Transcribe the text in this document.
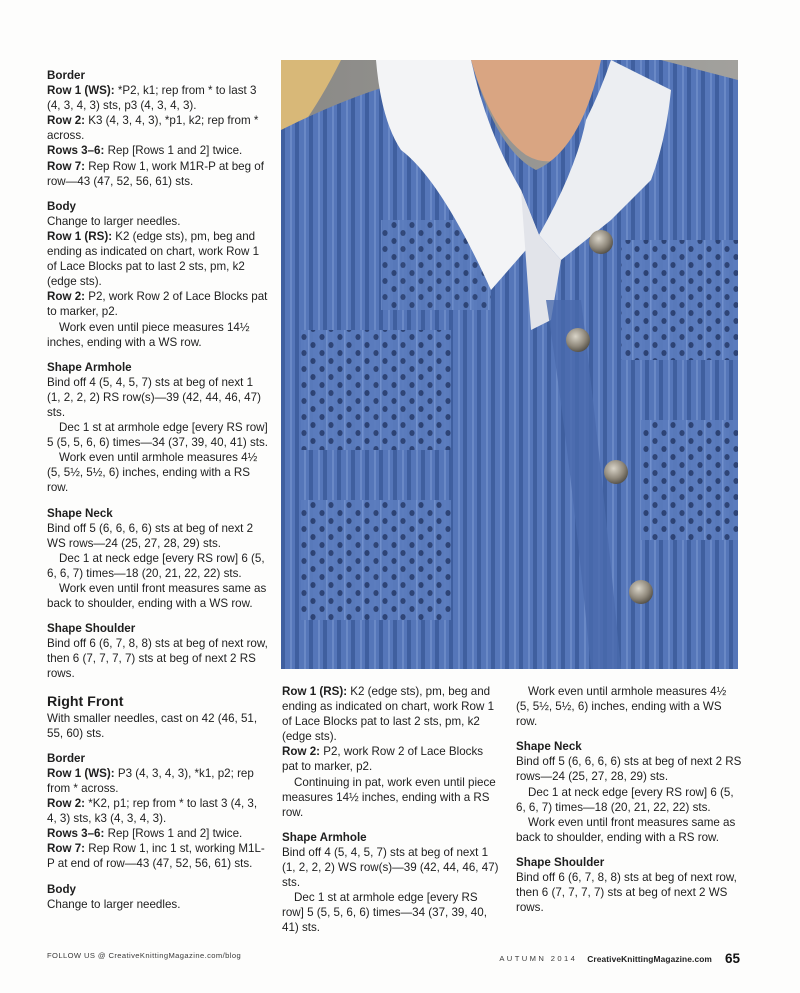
Border

Row 1 (WS): *P2, k1; rep from * to last 3 (4, 3, 4, 3) sts, p3 (4, 3, 4, 3).

Row 2: K3 (4, 3, 4, 3), *p1, k2; rep from * across.

Rows 3–6: Rep [Rows 1 and 2] twice.

Row 7: Rep Row 1, work M1R-P at beg of row—43 (47, 52, 56, 61) sts.

Body

Change to larger needles.

Row 1 (RS): K2 (edge sts), pm, beg and ending as indicated on chart, work Row 1 of Lace Blocks pat to last 2 sts, pm, k2 (edge sts).

Row 2: P2, work Row 2 of Lace Blocks pat to marker, p2.

Work even until piece measures 14½ inches, ending with a WS row.

Shape Armhole

Bind off 4 (5, 4, 5, 7) sts at beg of next 1 (1, 2, 2, 2) RS row(s)—39 (42, 44, 46, 47) sts.

Dec 1 st at armhole edge [every RS row] 5 (5, 5, 6, 6) times—34 (37, 39, 40, 41) sts.

Work even until armhole measures 4½ (5, 5½, 5½, 6) inches, ending with a RS row.

Shape Neck

Bind off 5 (6, 6, 6, 6) sts at beg of next 2 WS rows—24 (25, 27, 28, 29) sts.

Dec 1 at neck edge [every RS row] 6 (5, 6, 6, 7) times—18 (20, 21, 22, 22) sts.

Work even until front measures same as back to shoulder, ending with a WS row.

Shape Shoulder

Bind off 6 (6, 7, 8, 8) sts at beg of next row, then 6 (7, 7, 7, 7) sts at beg of next 2 RS rows.

Right Front

With smaller needles, cast on 42 (46, 51, 55, 60) sts.

Border

Row 1 (WS): P3 (4, 3, 4, 3), *k1, p2; rep from * across.

Row 2: *K2, p1; rep from * to last 3 (4, 3, 4, 3) sts, k3 (4, 3, 4, 3).

Rows 3–6: Rep [Rows 1 and 2] twice.

Row 7: Rep Row 1, inc 1 st, working M1L-P at end of row—43 (47, 52, 56, 61) sts.

Body

Change to larger needles.

Row 1 (RS): K2 (edge sts), pm, beg and ending as indicated on chart, work Row 1 of Lace Blocks pat to last 2 sts, pm, k2 (edge sts).

Row 2: P2, work Row 2 of Lace Blocks pat to marker, p2.

Continuing in pat, work even until piece measures 14½ inches, ending with a RS row.

Shape Armhole

Bind off 4 (5, 4, 5, 7) sts at beg of next 1 (1, 2, 2, 2) WS row(s)—39 (42, 44, 46, 47) sts.

Dec 1 st at armhole edge [every RS row] 5 (5, 5, 6, 6) times—34 (37, 39, 40, 41) sts.

Work even until armhole measures 4½ (5, 5½, 5½, 6) inches, ending with a WS row.

Shape Neck

Bind off 5 (6, 6, 6, 6) sts at beg of next 2 RS rows—24 (25, 27, 28, 29) sts.

Dec 1 at neck edge [every RS row] 6 (5, 6, 6, 7) times—18 (20, 21, 22, 22) sts.

Work even until front measures same as back to shoulder, ending with a RS row.

Shape Shoulder

Bind off 6 (6, 7, 8, 8) sts at beg of next row, then 6 (7, 7, 7, 7) sts at beg of next 2 WS rows.

FOLLOW US @ CreativeKnittingMagazine.com/blog	AUTUMN 2014 CreativeKnittingMagazine.com 65
